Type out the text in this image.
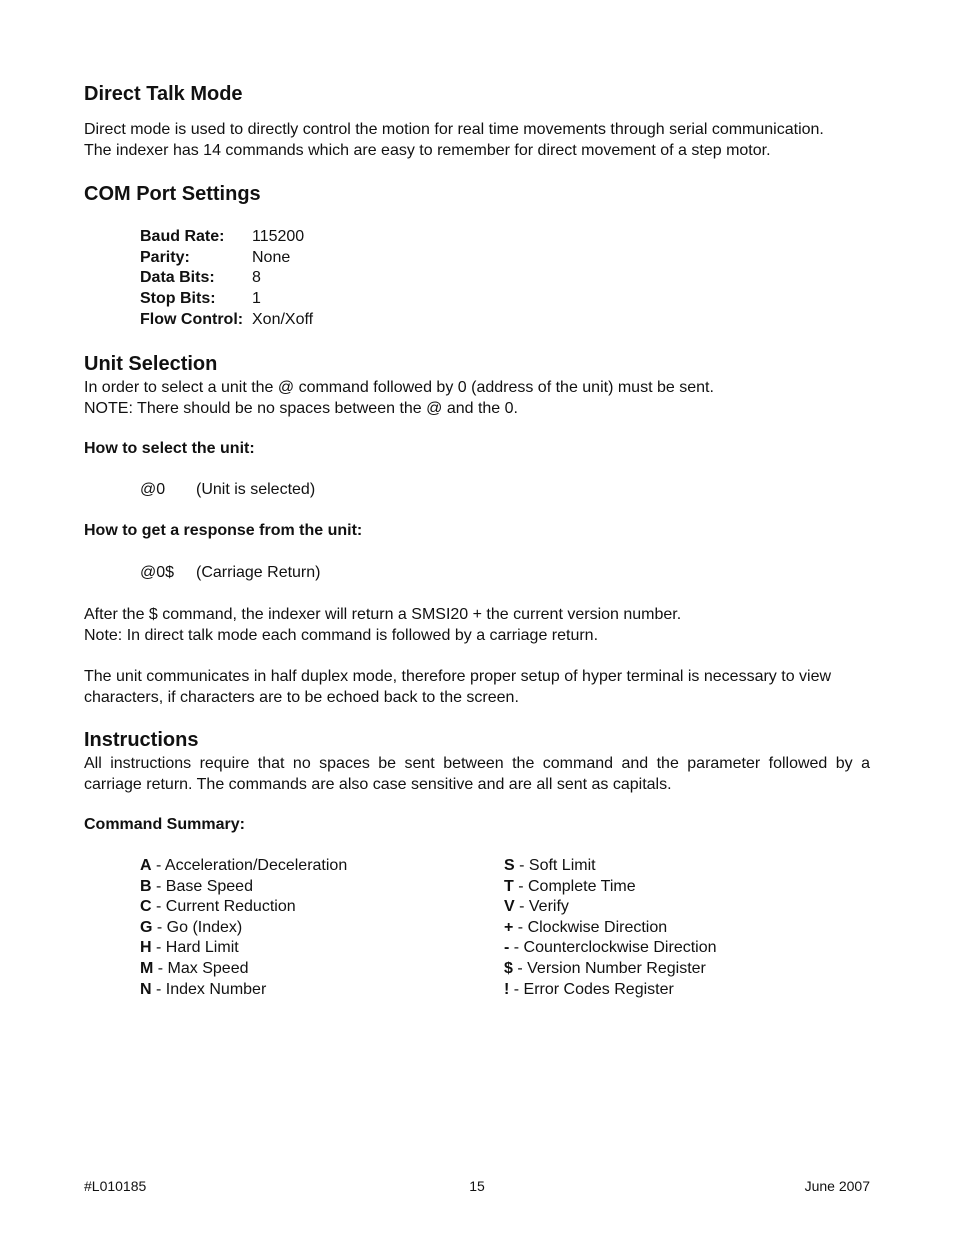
Direct Talk Mode
Direct mode is used to directly control the motion for real time movements through serial communication.
The indexer has 14 commands which are easy to remember for direct movement of a step motor.
COM Port Settings
Baud Rate:	115200
Parity:	None
Data Bits:	8
Stop Bits:	1
Flow Control: Xon/Xoff
Unit Selection
In order to select a unit the @ command followed by 0 (address of the unit) must be sent.
NOTE: There should be no spaces between the @ and the 0.
How to select the unit:
@0	(Unit is selected)
How to get a response from the unit:
@0$	(Carriage Return)
After the $ command, the indexer will return a SMSI20 + the current version number.
Note: In direct talk mode each command is followed by a carriage return.
The unit communicates in half duplex mode, therefore proper setup of hyper terminal is necessary to view
characters, if characters are to be echoed back to the screen.
Instructions
All instructions require that no spaces be sent between the command and the parameter followed by a
carriage return. The commands are also case sensitive and are all sent as capitals.
Command Summary:
A - Acceleration/Deceleration
B - Base Speed
C - Current Reduction
G - Go (Index)
H - Hard Limit
M - Max Speed
N - Index Number
S - Soft Limit
T - Complete Time
V - Verify
+ - Clockwise Direction
- - Counterclockwise Direction
$ - Version Number Register
! - Error Codes Register
#L010185	15	June 2007
